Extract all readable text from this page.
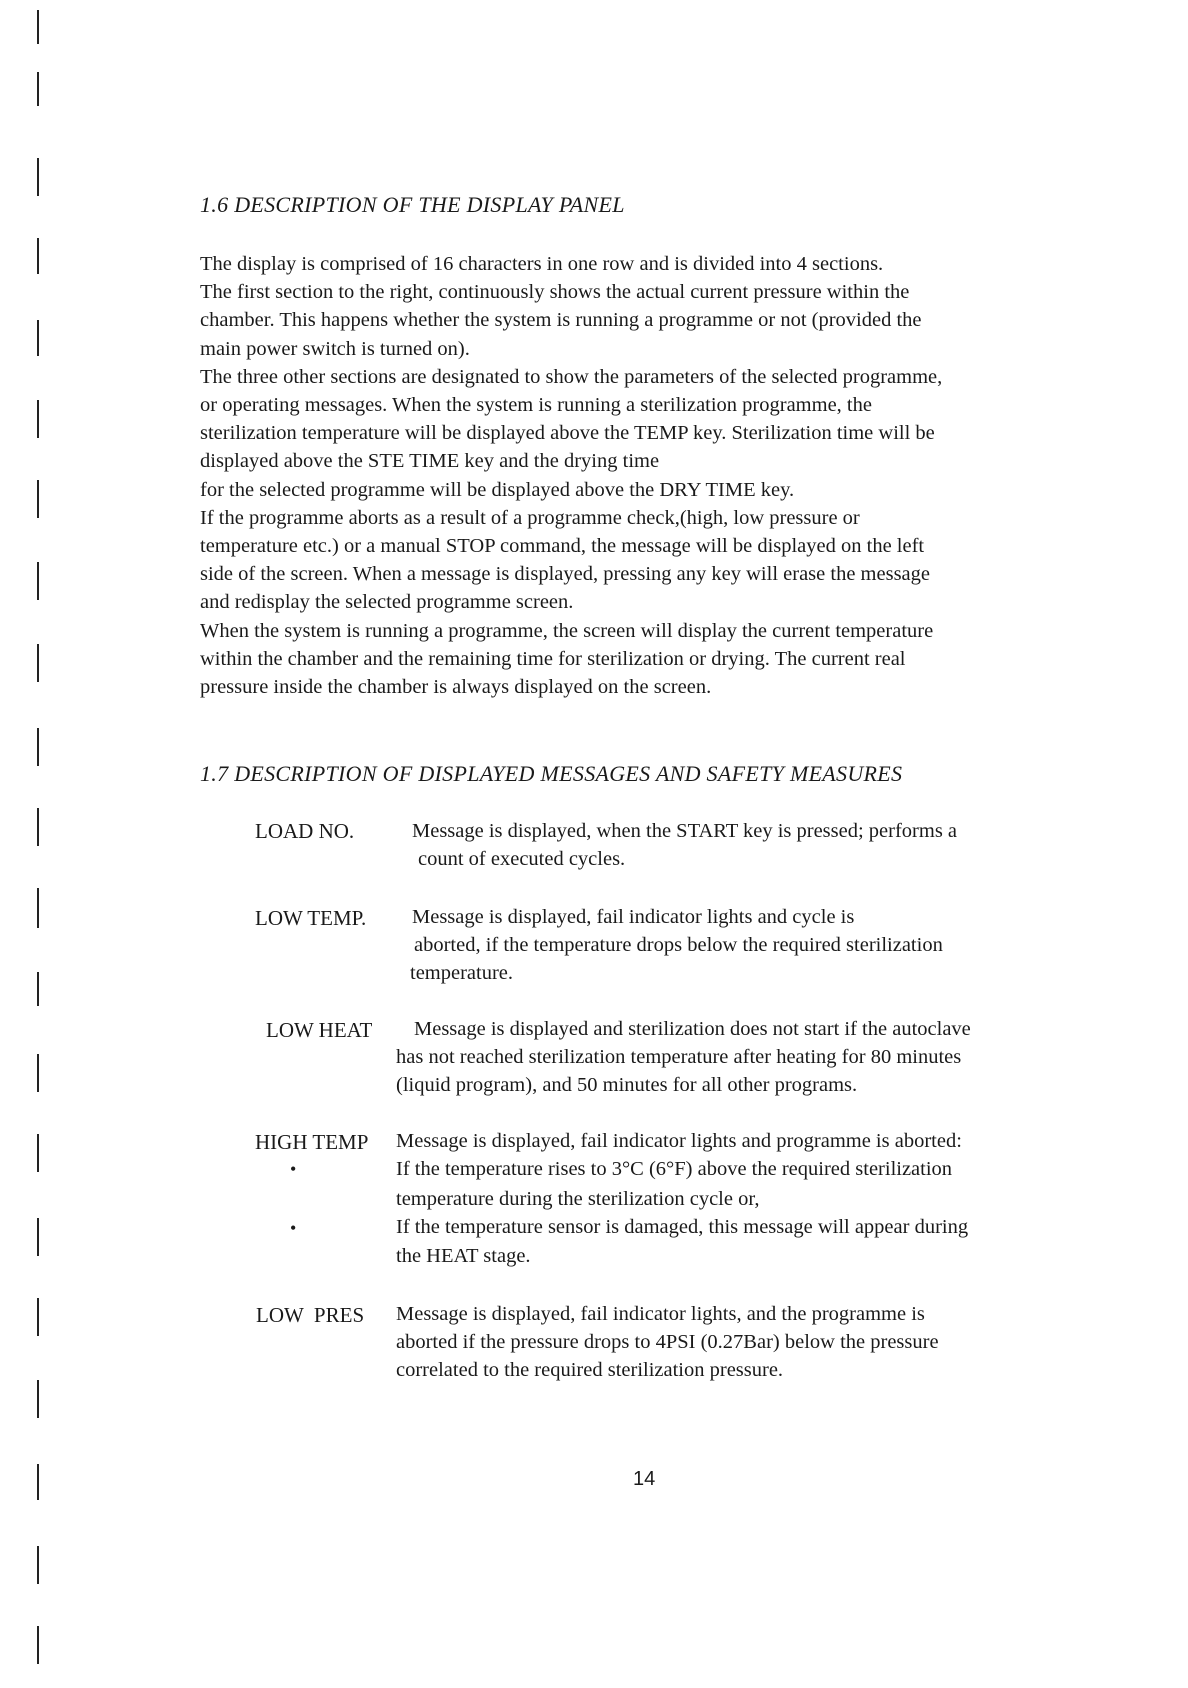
1.6 DESCRIPTION OF THE DISPLAY PANEL

The display is comprised of 16 characters in one row and is divided into 4 sections.

The first section to the right, continuously shows the actual current pressure within the

chamber. This happens whether the system is running a programme or not (provided the

main power switch is turned on).

The three other sections are designated to show the parameters of the selected programme,

or operating messages. When the system is running a sterilization programme, the

sterilization temperature will be displayed above the TEMP key. Sterilization time will be

displayed above the STE TIME key and the drying time

for the selected programme will be displayed above the DRY TIME key.

If the programme aborts as a result of a programme check,(high, low pressure or

temperature etc.) or a manual STOP command, the message will be displayed on the left

side of the screen. When a message is displayed, pressing any key will erase the message

and redisplay the selected programme screen.

When the system is running a programme, the screen will display the current temperature

within the chamber and the remaining time for sterilization or drying. The current real

pressure inside the chamber is always displayed on the screen.

1.7 DESCRIPTION OF DISPLAYED MESSAGES AND SAFETY MEASURES
LOAD NO.	Message is displayed, when the START key is pressed; performs a
count of executed cycles.
LOW TEMP. Message is displayed, fail indicator lights and cycle is
aborted, if the temperature drops below the required sterilization
temperature.
LOW HEAT Message is displayed and sterilization does not start if the autoclave
has not reached sterilization temperature after heating for 80 minutes
(liquid program), and 50 minutes for all other programs.
HIGH TEMP Message is displayed, fail indicator lights and programme is aborted:
•	If the temperature rises to 3°C (6°F) above the required sterilization
temperature during the sterilization cycle or,
•	If the temperature sensor is damaged, this message will appear during
the HEAT stage.
LOW  PRES Message is displayed, fail indicator lights, and the programme is
aborted if the pressure drops to 4PSI (0.27Bar) below the pressure
correlated to the required sterilization pressure.
14
